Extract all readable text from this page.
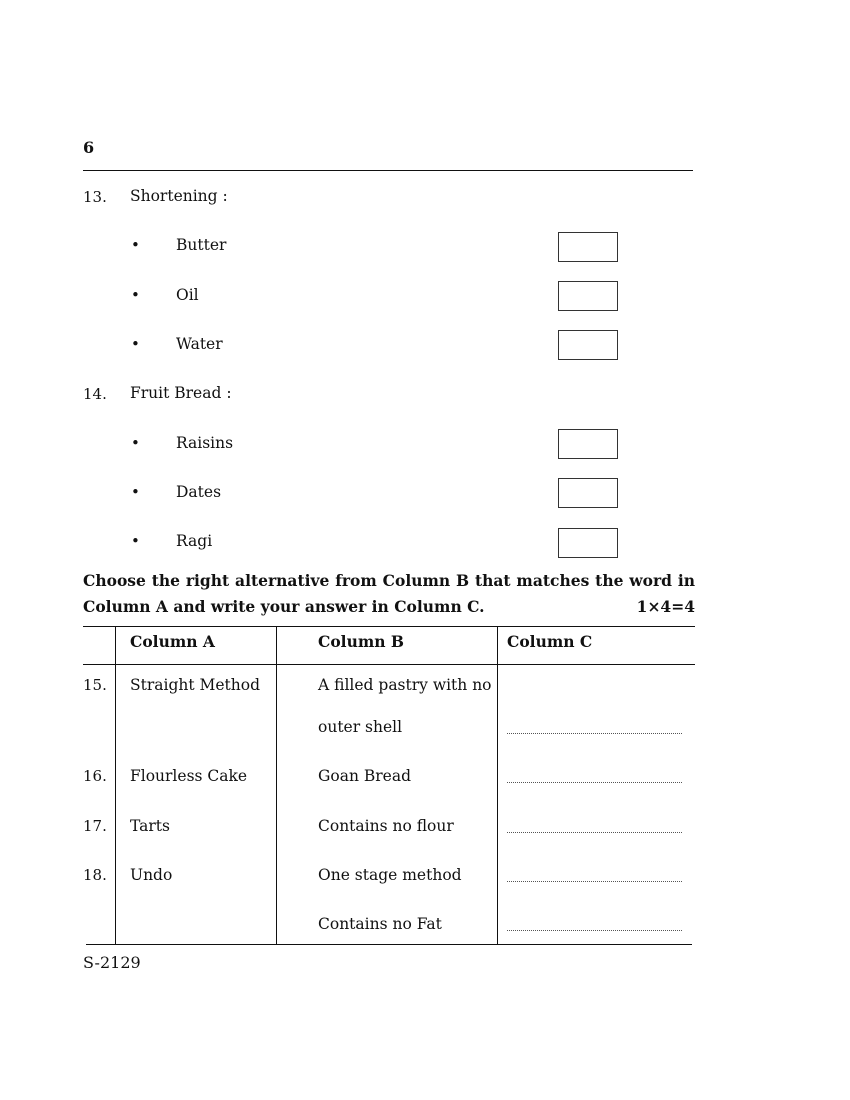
6
13. Shortening :
• Butter
• Oil
• Water
14. Fruit Bread :
• Raisins
• Dates
• Ragi
Choose the right alternative from Column B that matches the word in
Column A and write your answer in Column C.	1×4=4
Column A	Column B	Column C
15. Straight Method	A filled pastry with no
outer shell
16. Flourless Cake	Goan Bread
17. Tarts	Contains no flour
18. Undo	One stage method
Contains no Fat
S-2129
